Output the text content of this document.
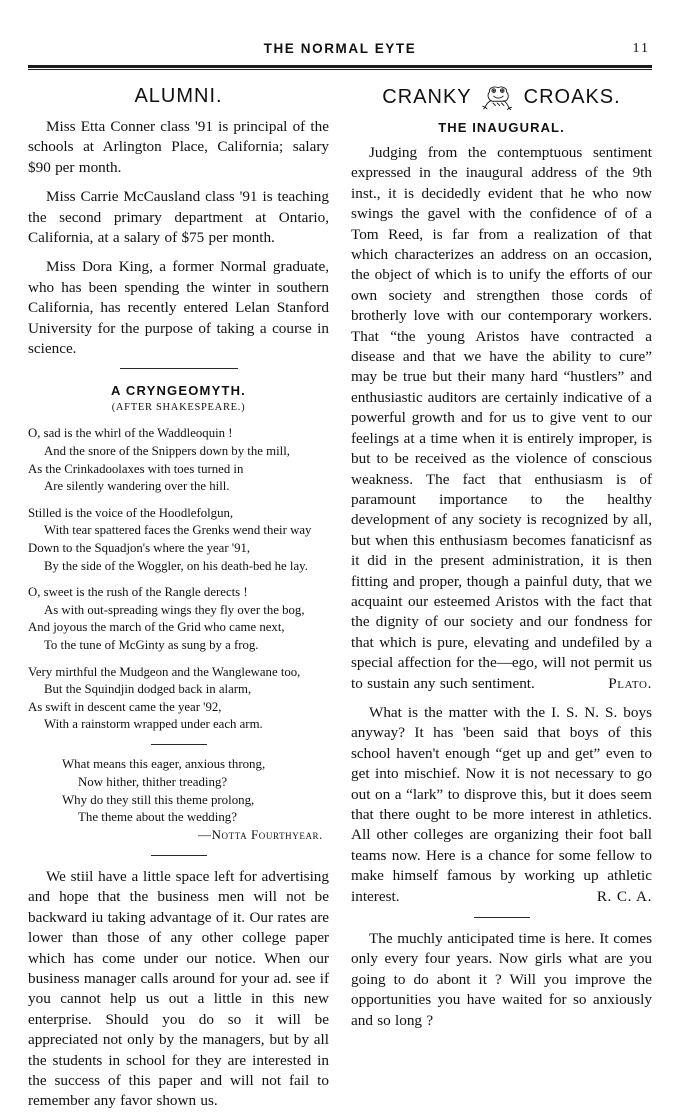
THE NORMAL EYTE	11
ALUMNI.

Miss Etta Conner class '91 is principal of the schools at Arlington Place, California; salary $90 per month.

Miss Carrie McCausland class '91 is teaching the second primary department at Ontario, California, at a salary of $75 per month.

Miss Dora King, a former Normal graduate, who has been spending the winter in southern California, has recently entered Lelan Stanford University for the purpose of taking a course in science.

A CRYNGEOMYTH.
(AFTER SHAKESPEARE.)
O, sad is the whirl of the Waddleoquin !
And the snore of the Snippers down by the mill,
As the Crinkadoolaxes with toes turned in
Are silently wandering over the hill.
Stilled is the voice of the Hoodlefolgun,
With tear spattered faces the Grenks wend their way
Down to the Squadjon's where the year '91,
By the side of the Woggler, on his death-bed he lay.
O, sweet is the rush of the Rangle derects !
As with out-spreading wings they fly over the bog,
And joyous the march of the Grid who came next,
To the tune of McGinty as sung by a frog.
Very mirthful the Mudgeon and the Wanglewane too,
But the Squindjin dodged back in alarm,
As swift in descent came the year '92,
With a rainstorm wrapped under each arm.
What means this eager, anxious throng,
Now hither, thither treading?
Why do they still this theme prolong,
The theme about the wedding?
—Notta Fourthyear.

We stiil have a little space left for advertising and hope that the business men will not be backward iu taking advantage of it. Our rates are lower than those of any other college paper which has come under our notice. When our business manager calls around for your ad. see if you cannot help us out a little in this new enterprise. Should you do so it will be appreciated not only by the managers, but by all the students in school for they are interested in the success of this paper and will not fail to remember any favor shown us.

CRANKY	CROAKS.
THE INAUGURAL.

Judging from the contemptuous sentiment expressed in the inaugural address of the 9th inst., it is decidedly evident that he who now swings the gavel with the confidence of of a Tom Reed, is far from a realization of that which characterizes an address on an occasion, the object of which is to unify the efforts of our own society and strengthen those cords of brotherly love with our contemporary workers. That “the young Aristos have contracted a disease and that we have the ability to cure” may be true but their many hard “hustlers” and enthusiastic auditors are certainly indicative of a powerful growth and for us to give vent to our feelings at a time when it is entirely improper, is but to be received as the violence of conscious weakness. The fact that enthusiasm is of paramount importance to the healthy development of any society is recognized by all, but when this enthusiasm becomes fanaticisnf as it did in the present administration, it is then fitting and proper, though a painful duty, that we acquaint our esteemed Aristos with the fact that the dignity of our society and our fondness for that which is pure, elevating and undefiled by a special affection for the—ego, will not permit us to sustain any such sentiment.	Plato.

What is the matter with the I. S. N. S. boys anyway? It has 'been said that boys of this school haven't enough “get up and get” even to get into mischief. Now it is not necessary to go out on a “lark” to disprove this, but it does seem that there ought to be more interest in athletics. All other colleges are organizing their foot ball teams now. Here is a chance for some fellow to make himself famous by working up athletic interest.	R. C. A.

The muchly anticipated time is here. It comes only every four years. Now girls what are you going to do abont it ? Will you improve the opportunities you have waited for so anxiously and so long ?
